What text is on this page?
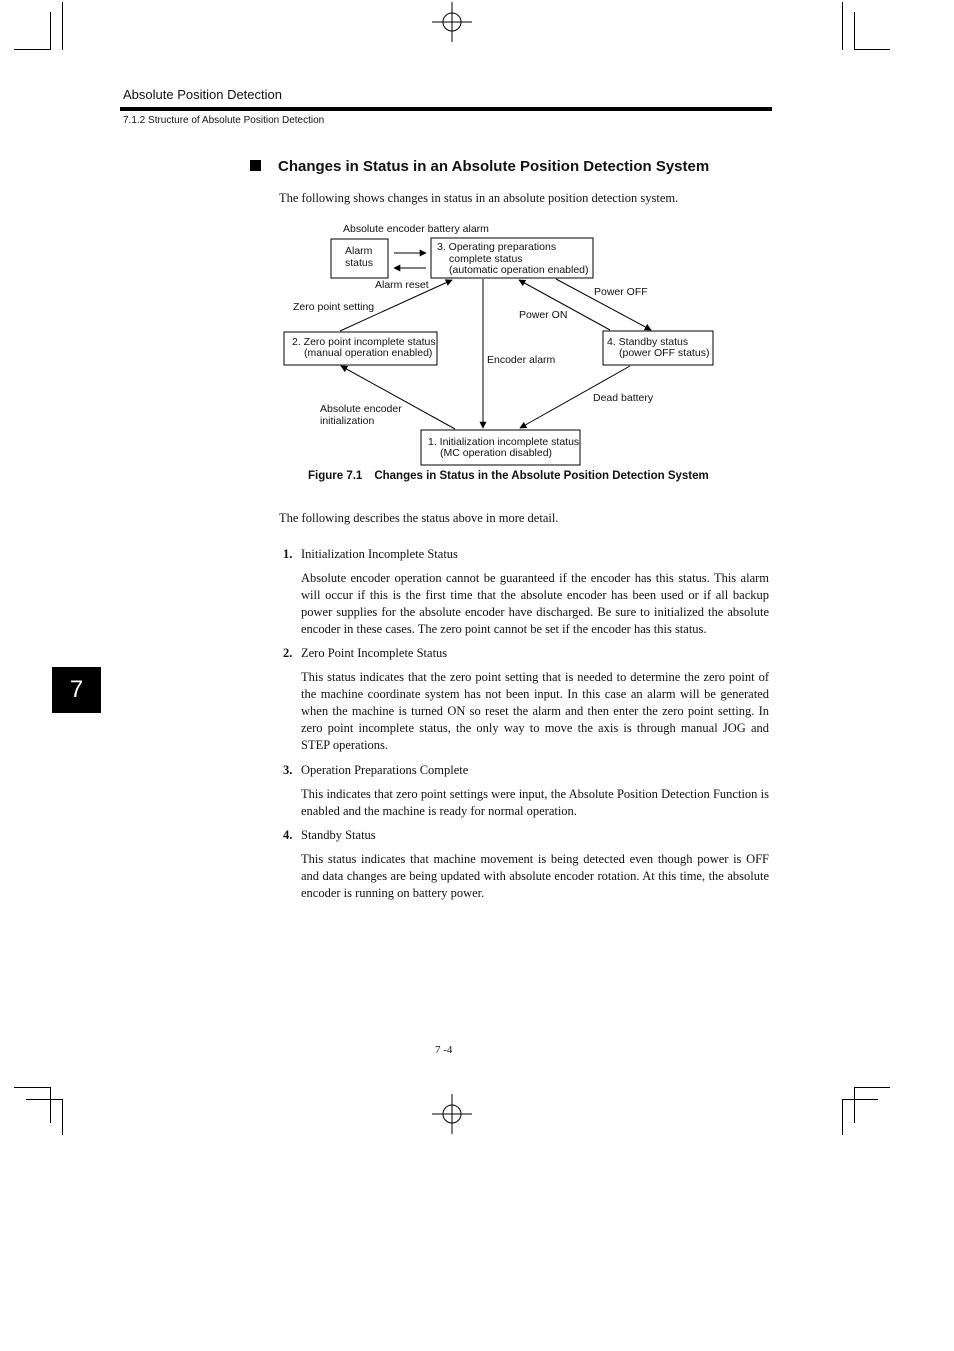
Absolute Position Detection
7.1.2 Structure of Absolute Position Detection
Changes in Status in an Absolute Position Detection System
The following shows changes in status in an absolute position detection system.
Alarm
status
3. Operating preparations
complete status
(automatic operation enabled)
2. Zero point incomplete status
(manual operation enabled)
4. Standby status
(power OFF status)
1. Initialization incomplete status
(MC operation disabled)
Absolute encoder battery alarm
Alarm reset
Zero point setting
Power OFF
Power ON
Encoder alarm
Dead battery
Absolute encoder
initialization
Figure 7.1 Changes in Status in the Absolute Position Detection System
The following describes the status above in more detail.
1. Initialization Incomplete Status
Absolute encoder operation cannot be guaranteed if the encoder has this status. This alarm will occur if this is the first time that the absolute encoder has been used or if all backup power supplies for the absolute encoder have discharged. Be sure to initialized the absolute encoder in these cases. The zero point cannot be set if the encoder has this status.
2. Zero Point Incomplete Status
This status indicates that the zero point setting that is needed to determine the zero point of the machine coordinate system has not been input. In this case an alarm will be generated when the machine is turned ON so reset the alarm and then enter the zero point setting. In zero point incomplete status, the only way to move the axis is through manual JOG and STEP operations.
3. Operation Preparations Complete
This indicates that zero point settings were input, the Absolute Position Detection Function is enabled and the machine is ready for normal operation.
4. Standby Status
This status indicates that machine movement is being detected even though power is OFF and data changes are being updated with absolute encoder rotation. At this time, the absolute encoder is running on battery power.
7
7 -4
